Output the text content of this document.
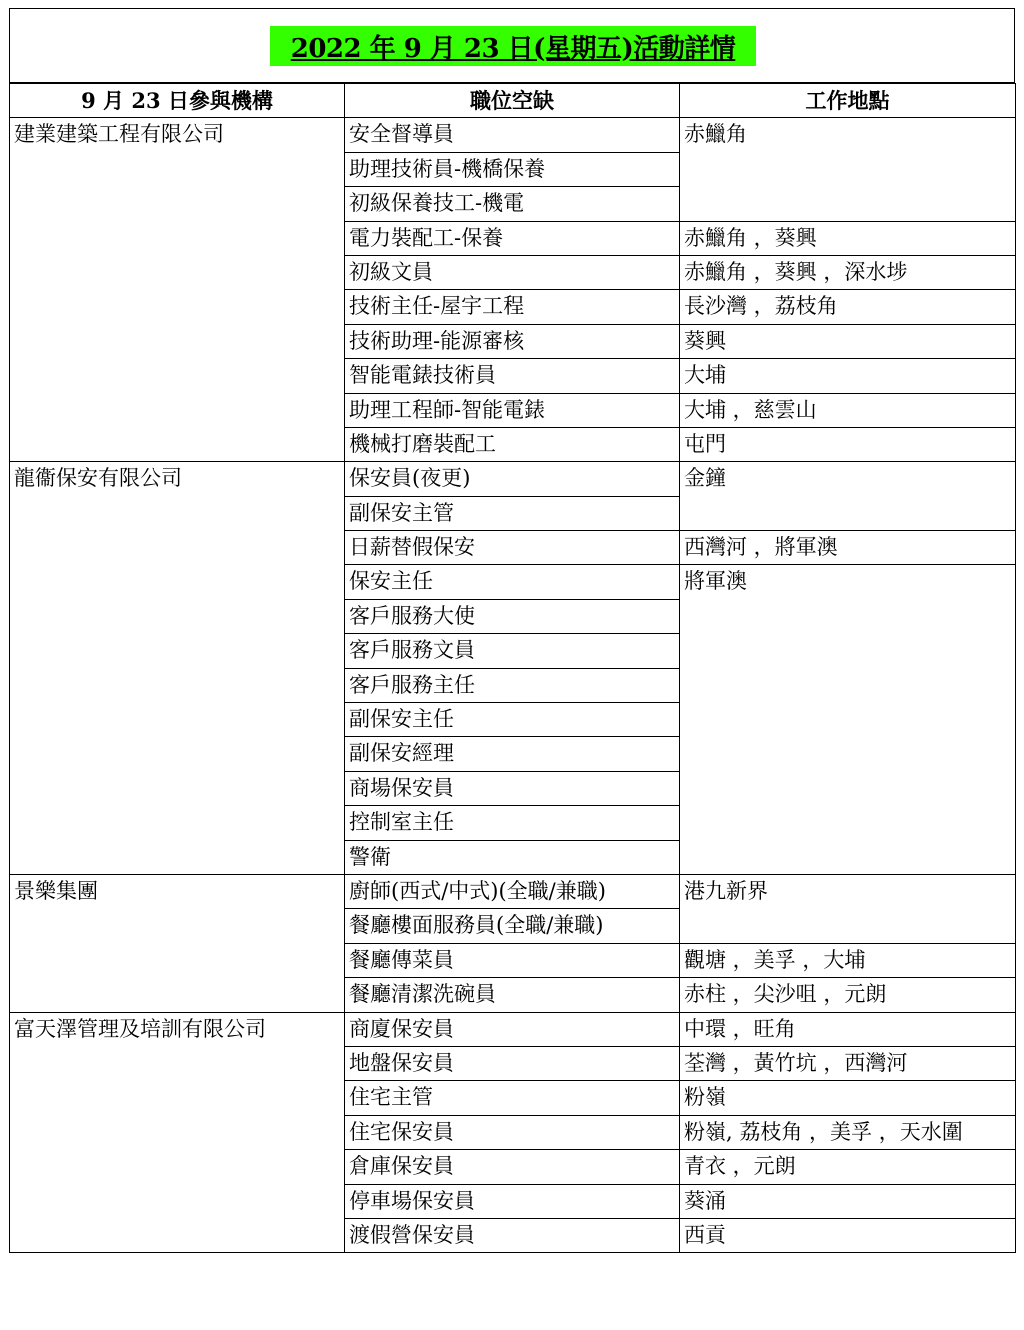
2022 年 9 月 23 日(星期五)活動詳情
9 月 23 日參與機構	職位空缺	工作地點
建業建築工程有限公司	安全督導員	赤鱲角
	助理技術員-機橋保養	
	初級保養技工-機電	
	電力裝配工-保養	赤鱲角 ，葵興
	初級文員	赤鱲角 ，葵興 ，深水埗
	技術主任-屋宇工程	長沙灣 ，荔枝角
	技術助理-能源審核	葵興
	智能電錶技術員	大埔
	助理工程師-智能電錶	大埔 ，慈雲山
	機械打磨裝配工	屯門
龍衞保安有限公司	保安員(夜更)	金鐘
	副保安主管	
	日薪替假保安	西灣河 ，將軍澳
	保安主任	將軍澳
	客戶服務大使	
	客戶服務文員	
	客戶服務主任	
	副保安主任	
	副保安經理	
	商場保安員	
	控制室主任	
	警衛	
景樂集團	廚師(西式/中式)(全職/兼職)	港九新界
	餐廳樓面服務員(全職/兼職)	
	餐廳傳菜員	觀塘 ，美孚 ，大埔
	餐廳清潔洗碗員	赤柱 ，尖沙咀 ，元朗
富天澤管理及培訓有限公司	商廈保安員	中環 ，旺角
	地盤保安員	荃灣 ，黃竹坑 ，西灣河
	住宅主管	粉嶺
	住宅保安員	粉嶺, 荔枝角 ，美孚 ，天水圍
	倉庫保安員	青衣 ，元朗
	停車場保安員	葵涌
	渡假營保安員	西貢
